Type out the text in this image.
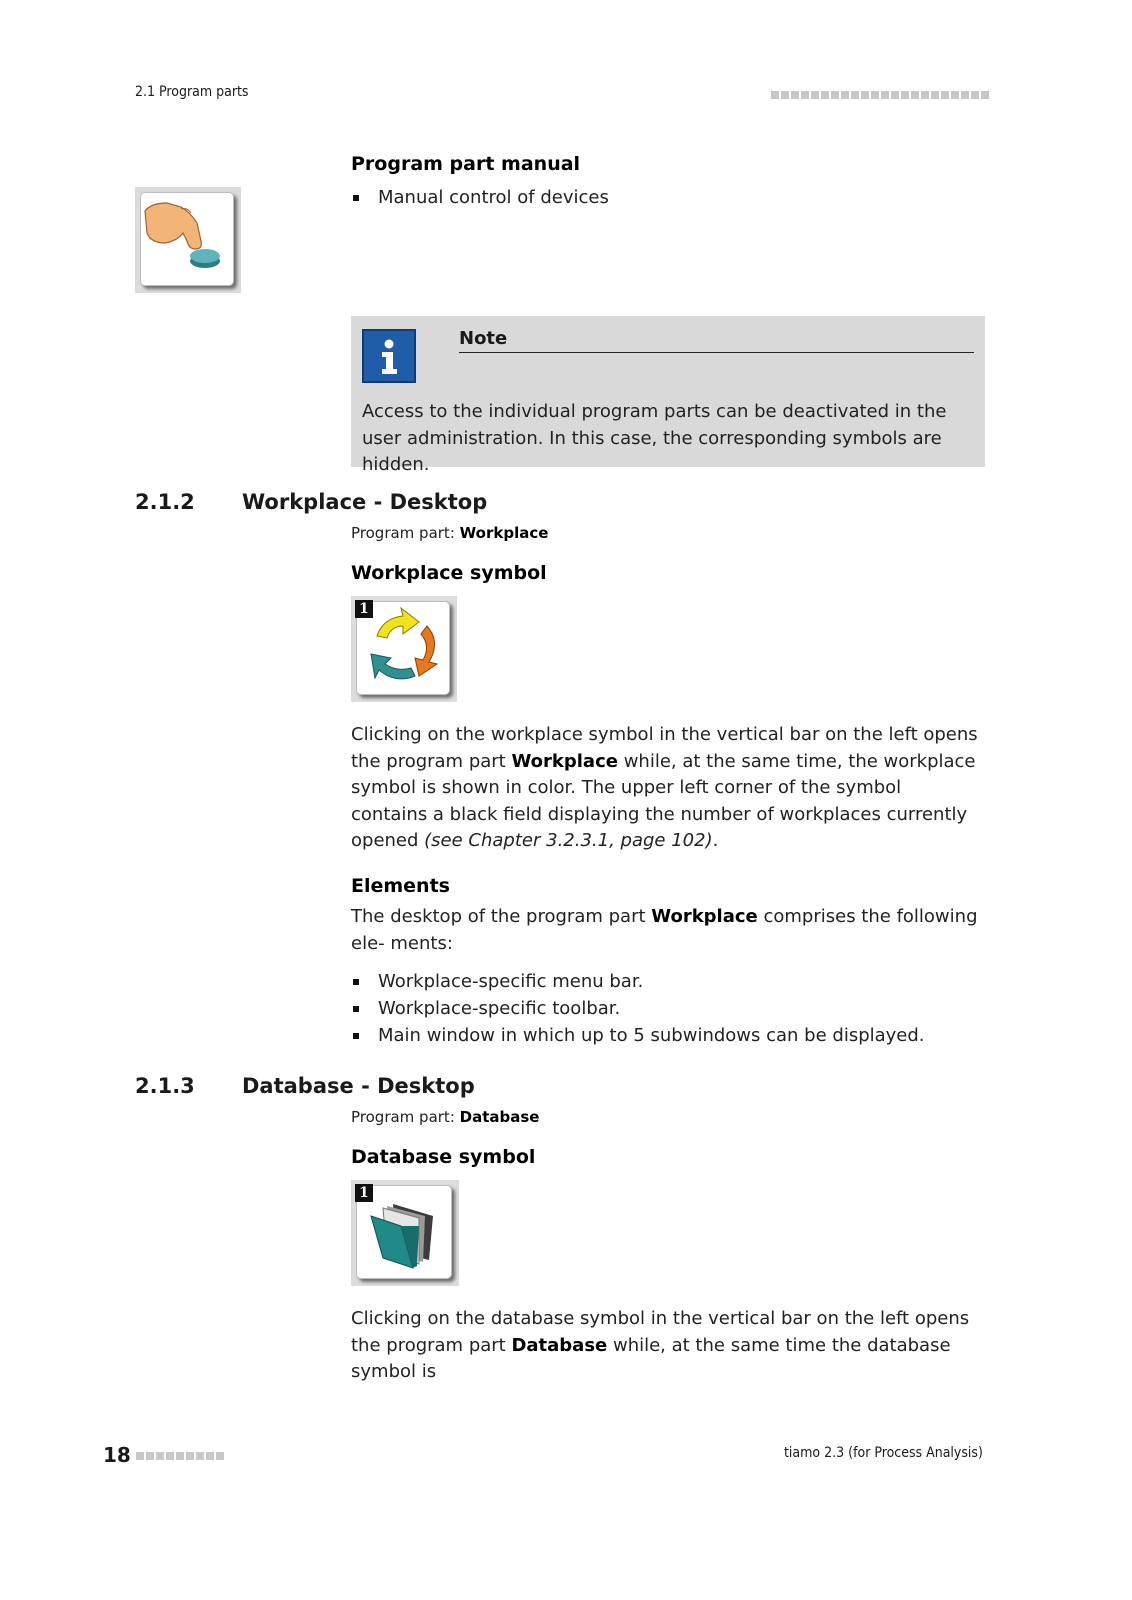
2.1 Program parts
Program part manual
Manual control of devices
Note
Access to the individual program parts can be deactivated in the user administration. In this case, the corresponding symbols are hidden.
2.1.2 Workplace - Desktop
Program part: Workplace
Workplace symbol
1
Clicking on the workplace symbol in the vertical bar on the left opens the program part Workplace while, at the same time, the workplace symbol is shown in color. The upper left corner of the symbol contains a black field displaying the number of workplaces currently opened (see Chapter 3.2.3.1, page 102).
Elements
The desktop of the program part Workplace comprises the following ele- ments:
Workplace-specific menu bar.
Workplace-specific toolbar.
Main window in which up to 5 subwindows can be displayed.
2.1.3 Database - Desktop
Program part: Database
Database symbol
1
Clicking on the database symbol in the vertical bar on the left opens the program part Database while, at the same time the database symbol is
18	tiamo 2.3 (for Process Analysis)
